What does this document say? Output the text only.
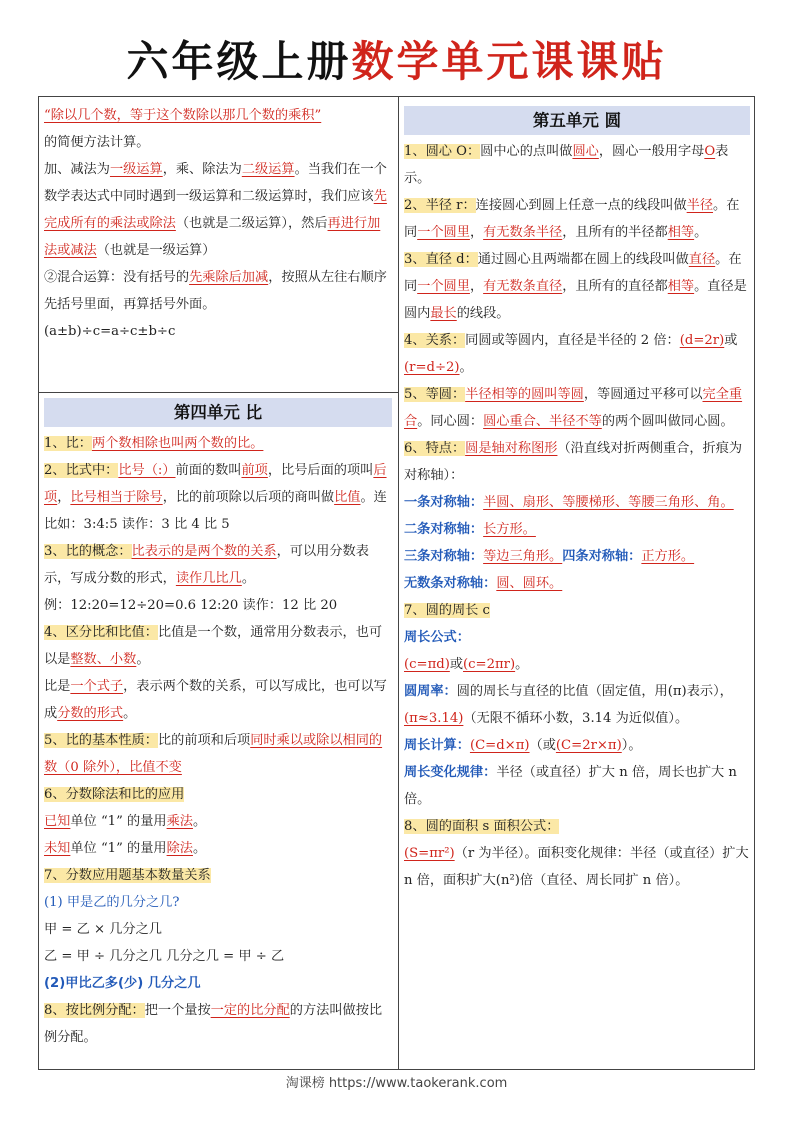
六年级上册数学单元课课贴

“除以几个数，等于这个数除以那几个数的乘积”

的简便方法计算。

加、减法为一级运算，乘、除法为二级运算。当我们在一个数学表达式中同时遇到一级运算和二级运算时，我们应该先完成所有的乘法或除法（也就是二级运算），然后再进行加法或减法（也就是一级运算）

②混合运算：没有括号的先乘除后加减，按照从左往右顺序先括号里面，再算括号外面。

(a±b)÷c=a÷c±b÷c

第四单元 比

1、比：两个数相除也叫两个数的比。

2、比式中：比号（:）前面的数叫前项，比号后面的项叫后项，比号相当于除号，比的前项除以后项的商叫做比值。连比如：3:4:5 读作：3 比 4 比 5

3、比的概念：比表示的是两个数的关系，可以用分数表示，写成分数的形式，读作几比几。

例：12:20=12÷20=0.6 12:20 读作：12 比 20

4、区分比和比值：比值是一个数，通常用分数表示，也可以是整数、小数。

比是一个式子，表示两个数的关系，可以写成比，也可以写成分数的形式。

5、比的基本性质：比的前项和后项同时乘以或除以相同的数（0 除外），比值不变

6、分数除法和比的应用

已知单位 “1” 的量用乘法。

未知单位 “1” 的量用除法。

7、分数应用题基本数量关系

(1) 甲是乙的几分之几?

甲 = 乙 × 几分之几

乙 = 甲 ÷ 几分之几 几分之几 = 甲 ÷ 乙

(2)甲比乙多(少) 几分之几

8、按比例分配：把一个量按一定的比分配的方法叫做按比例分配。

第五单元 圆

1、圆心 O：圆中心的点叫做圆心，圆心一般用字母O表示。

2、半径 r：连接圆心到圆上任意一点的线段叫做半径。在同一个圆里，有无数条半径，且所有的半径都相等。

3、直径 d：通过圆心且两端都在圆上的线段叫做直径。在同一个圆里，有无数条直径，且所有的直径都相等。直径是圆内最长的线段。

4、关系：同圆或等圆内，直径是半径的 2 倍：(d=2r)或(r=d÷2)。

5、等圆：半径相等的圆叫等圆，等圆通过平移可以完全重合。同心圆：圆心重合、半径不等的两个圆叫做同心圆。

6、特点：圆是轴对称图形（沿直线对折两侧重合，折痕为对称轴）：

一条对称轴：半圆、扇形、等腰梯形、等腰三角形、角。

二条对称轴：长方形。

三条对称轴：等边三角形。四条对称轴：正方形。

无数条对称轴：圆、圆环。

7、圆的周长 c

周长公式：

(c=πd)或(c=2πr)。

圆周率：圆的周长与直径的比值（固定值，用(π)表示），(π≈3.14)（无限不循环小数，3.14 为近似值）。

周长计算：(C=d×π)（或(C=2r×π)）。

周长变化规律：半径（或直径）扩大 n 倍，周长也扩大 n 倍。

8、圆的面积 s 面积公式：

(S=πr²)（r 为半径）。面积变化规律：半径（或直径）扩大 n 倍，面积扩大(n²)倍（直径、周长同扩 n 倍）。

淘课榜 https://www.taokerank.com
